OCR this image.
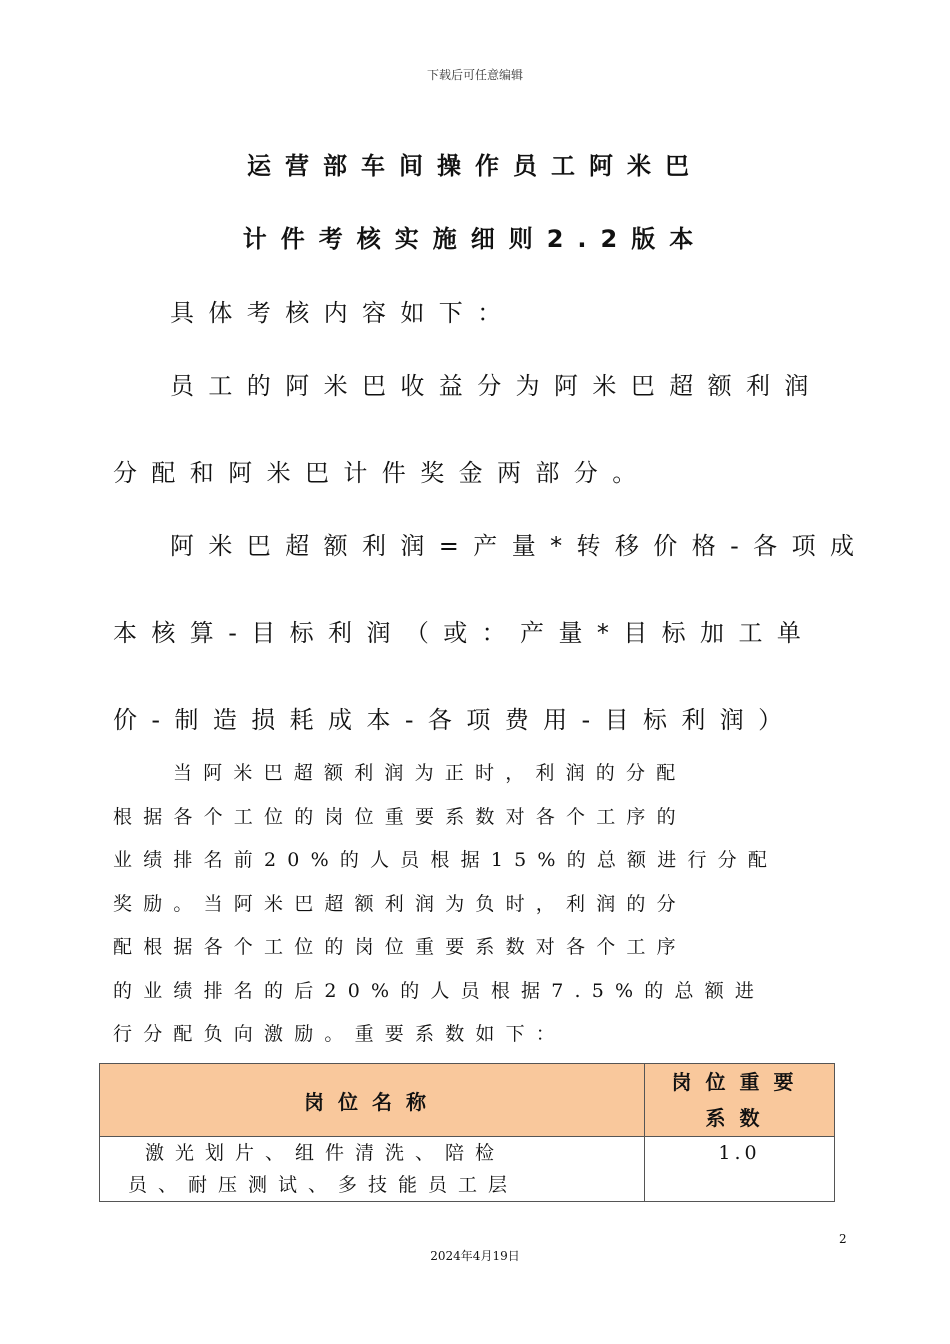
下载后可任意编辑
运营部车间操作员工阿米巴
计件考核实施细则2.2版本
具体考核内容如下：
员工的阿米巴收益分为阿米巴超额利润
分配和阿米巴计件奖金两部分。
阿米巴超额利润=产量*转移价格-各项成
本核算-目标利润（或：产量*目标加工单
价-制造损耗成本-各项费用-目标利润）
当阿米巴超额利润为正时，利润的分配
根据各个工位的岗位重要系数对各个工序的
业绩排名前20%的人员根据15%的总额进行分配
奖励。当阿米巴超额利润为负时，利润的分
配根据各个工位的岗位重要系数对各个工序
的业绩排名的后20%的人员根据7.5%的总额进
行分配负向激励。重要系数如下：
岗位名称	岗位重要
系数

激光划片、组件清洗、陪检
员、耐压测试、多技能员工层	1.0
2
2024年4月19日
